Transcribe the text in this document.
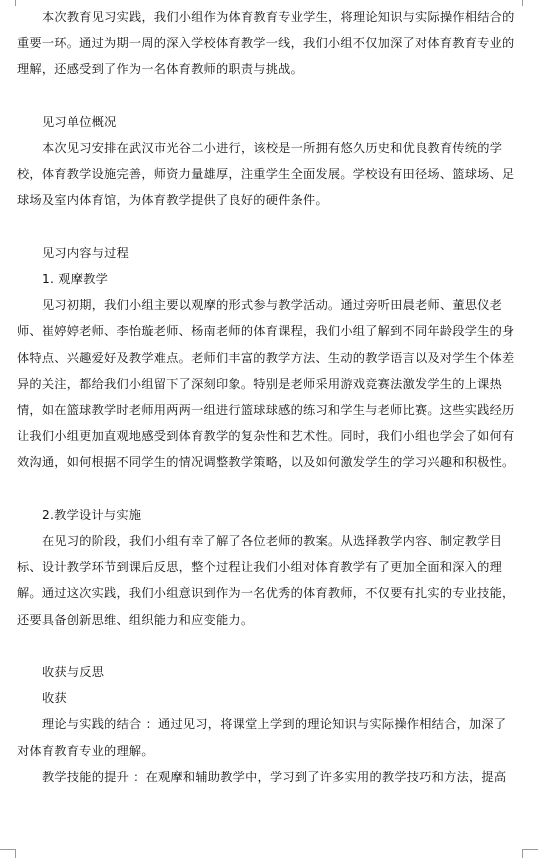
本次教育见习实践，我们小组作为体育教育专业学生，将理论知识与实际操作相结合的重要一环。通过为期一周的深入学校体育教学一线，我们小组不仅加深了对体育教育专业的理解，还感受到了作为一名体育教师的职责与挑战。

见习单位概况

本次见习安排在武汉市光谷二小进行，该校是一所拥有悠久历史和优良教育传统的学校，体育教学设施完善，师资力量雄厚，注重学生全面发展。学校设有田径场、篮球场、足球场及室内体育馆，为体育教学提供了良好的硬件条件。

见习内容与过程

1. 观摩教学

见习初期，我们小组主要以观摩的形式参与教学活动。通过旁听田晨老师、董思仪老师、崔婷婷老师、李怡璇老师、杨南老师的体育课程，我们小组了解到不同年龄段学生的身体特点、兴趣爱好及教学难点。老师们丰富的教学方法、生动的教学语言以及对学生个体差异的关注，都给我们小组留下了深刻印象。特别是老师采用游戏竞赛法激发学生的上课热情，如在篮球教学时老师用两两一组进行篮球球感的练习和学生与老师比赛。这些实践经历让我们小组更加直观地感受到体育教学的复杂性和艺术性。同时，我们小组也学会了如何有效沟通，如何根据不同学生的情况调整教学策略，以及如何激发学生的学习兴趣和积极性。

2.教学设计与实施

在见习的阶段，我们小组有幸了解了各位老师的教案。从选择教学内容、制定教学目标、设计教学环节到课后反思，整个过程让我们小组对体育教学有了更加全面和深入的理解。通过这次实践，我们小组意识到作为一名优秀的体育教师，不仅要有扎实的专业技能，还要具备创新思维、组织能力和应变能力。

收获与反思

收获

理论与实践的结合 ：通过见习，将课堂上学到的理论知识与实际操作相结合，加深了对体育教育专业的理解。

教学技能的提升 ：在观摩和辅助教学中，学习到了许多实用的教学技巧和方法，提高
